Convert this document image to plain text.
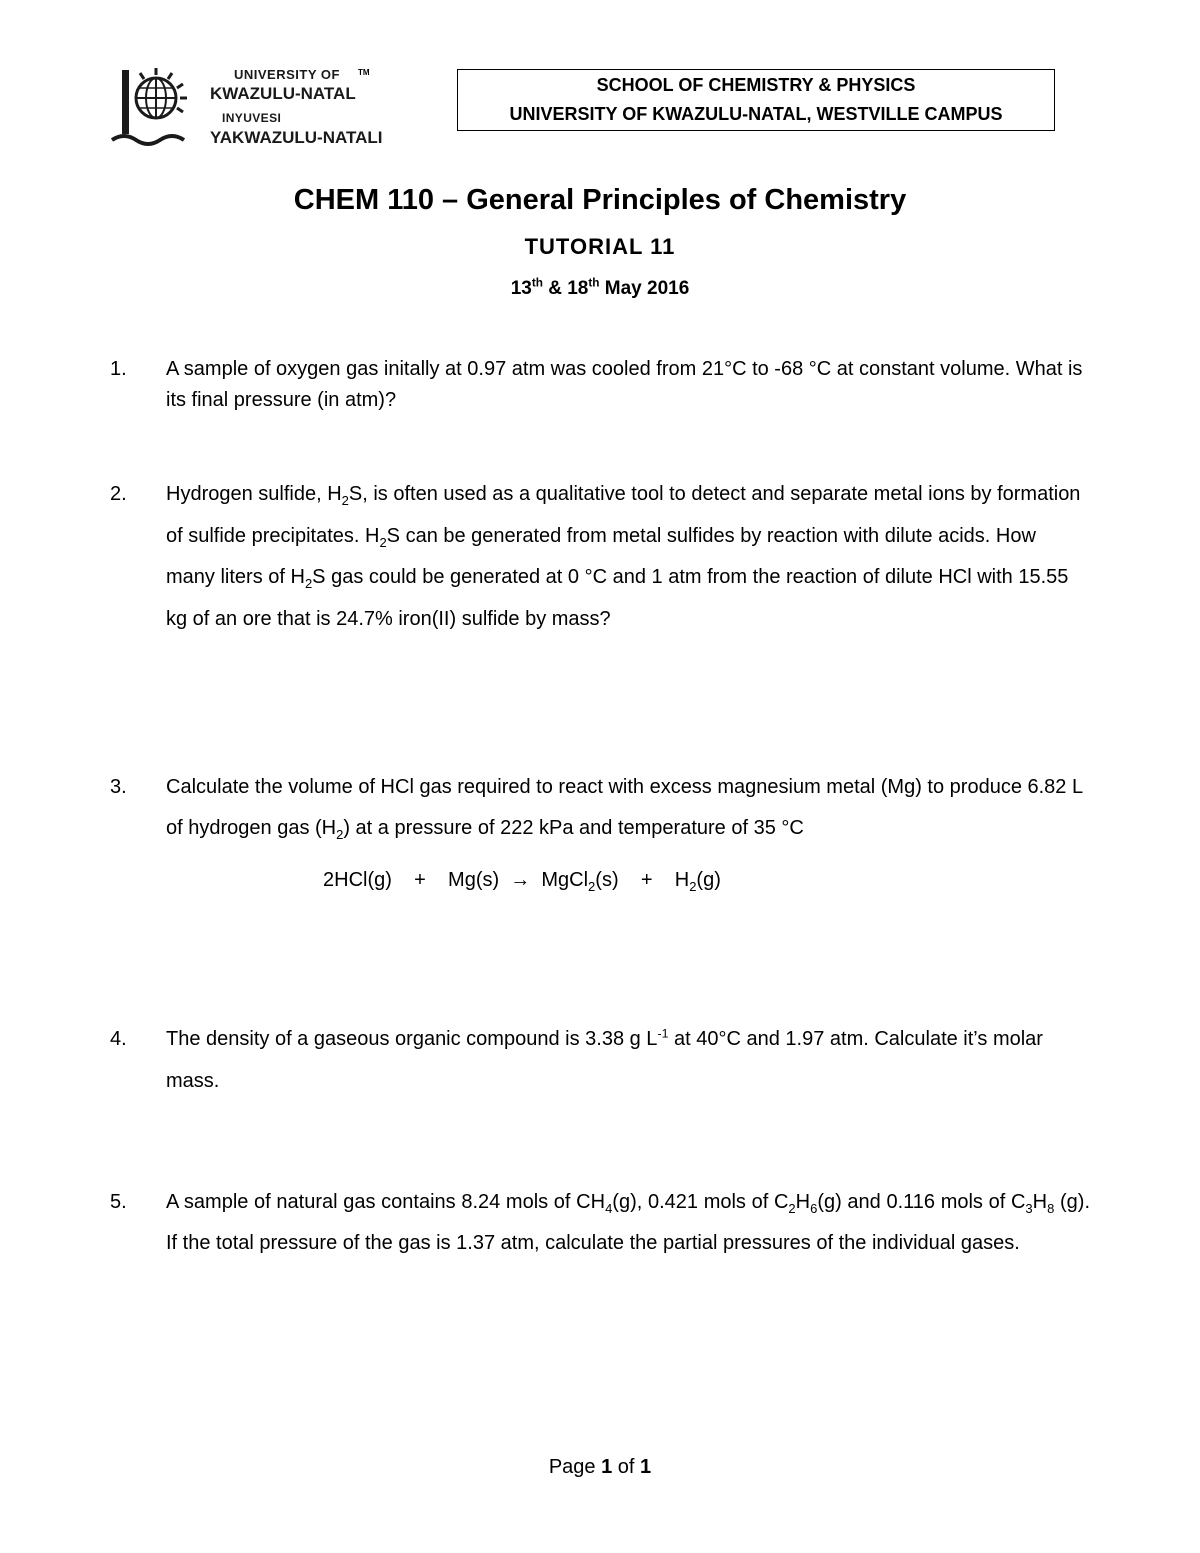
UNIVERSITY OF
KWAZULU-NATAL
INYUVESI
YAKWAZULU-NATALI
TM
SCHOOL OF CHEMISTRY & PHYSICS
UNIVERSITY OF KWAZULU-NATAL, WESTVILLE CAMPUS
CHEM 110 – General Principles of Chemistry
TUTORIAL 11
13th & 18th May 2016
1. A sample of oxygen gas initally at 0.97 atm was cooled from 21°C to -68 °C at constant volume. What is its final pressure (in atm)?
2. Hydrogen sulfide, $H_2S$, is often used as a qualitative tool to detect and separate metal ions by formation of sulfide precipitates. $H_2S$ can be generated from metal sulfides by reaction with dilute acids. How many liters of $H_2S$ gas could be generated at 0 °C and 1 atm from the reaction of dilute HCl with 15.55 kg of an ore that is 24.7% iron(II) sulfide by mass?
3. Calculate the volume of HCl gas required to react with excess magnesium metal (Mg) to produce 6.82 L of hydrogen gas $(H_2)$ at a pressure of 222 kPa and temperature of 35 °C
2HCl(g)    +    Mg(s)  →  MgCl$_2$(s)    +    $H_2(g)$
4. The density of a gaseous organic compound is 3.38 g $L^{-1}$ at 40°C and 1.97 atm. Calculate it’s molar mass.
5. A sample of natural gas contains 8.24 mols of $CH_4(g)$, 0.421 mols of $C_2H_6(g)$ and 0.116 mols of $C_3H_8$ (g). If the total pressure of the gas is 1.37 atm, calculate the partial pressures of the individual gases.
Page 1 of 1
